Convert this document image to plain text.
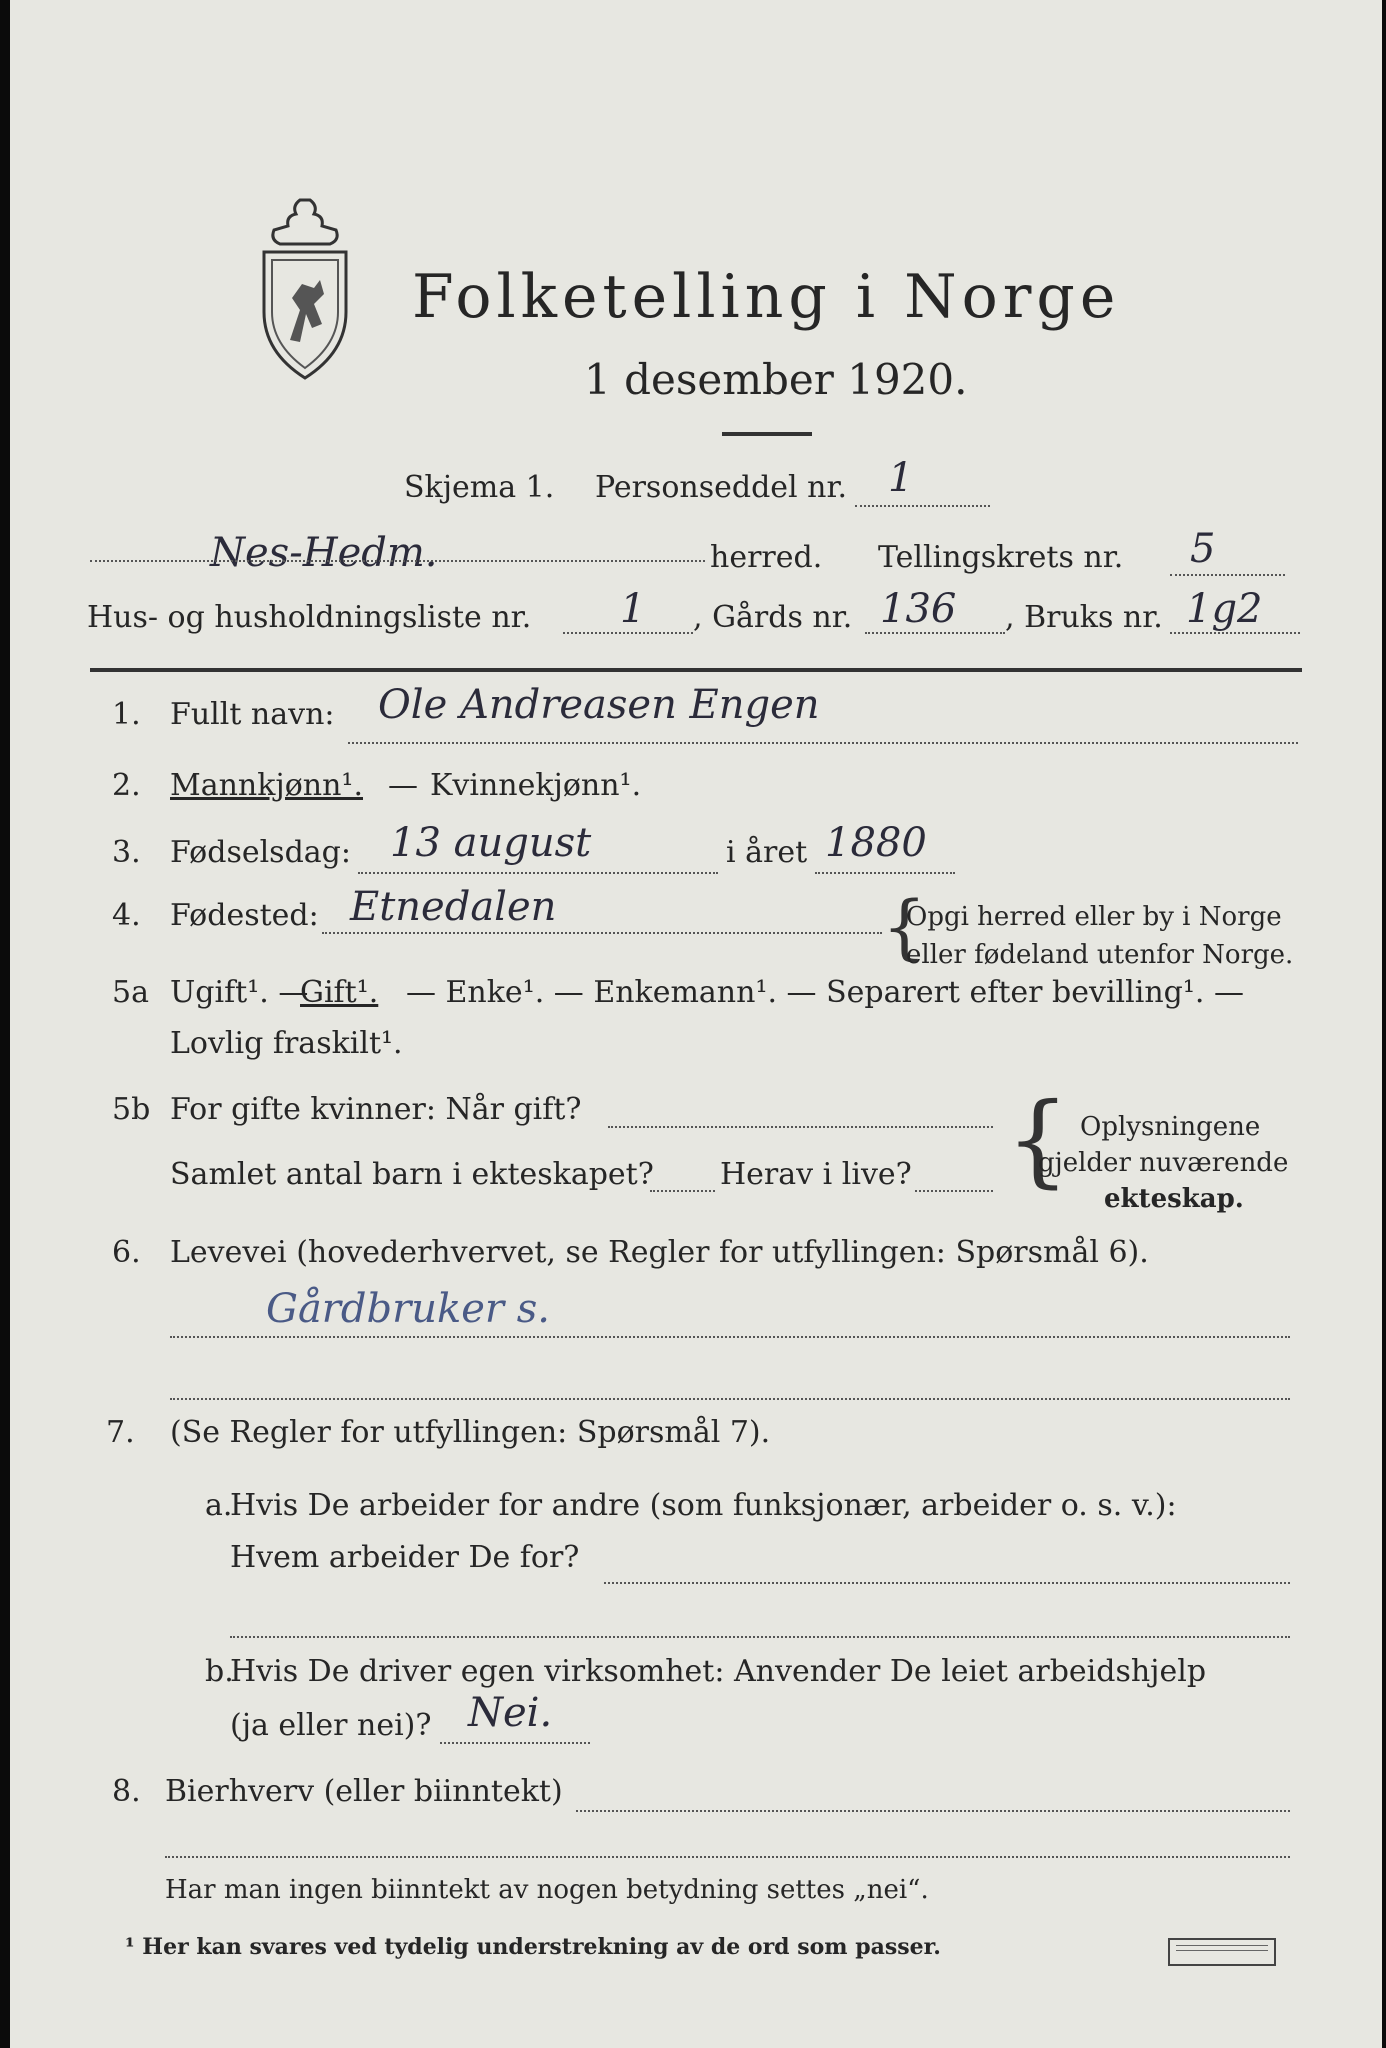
Folketelling i Norge
1 desember 1920.
Skjema 1. Personseddel nr. 1
Nes-Hedm.	herred. Tellingskrets nr. 5
Hus- og husholdningsliste nr. 1 , Gårds nr. 136 , Bruks nr. 1g2
1. Fullt navn: Ole Andreasen Engen
2. Mannkjønn¹. — Kvinnekjønn¹.
3. Fødselsdag: 13 august	i året 1880
4. Fødested: Etnedalen	{
Opgi herred eller by i Norge
eller fødeland utenfor Norge.
5a Ugift¹. —
Gift¹. — Enke¹. — Enkemann¹. — Separert efter bevilling¹. —
Lovlig fraskilt¹.
5b For gifte kvinner: Når gift?
Samlet antal barn i ekteskapet? Herav i live? { Oplysningene
gjelder nuværende
ekteskap.
6. Levevei (hovederhvervet, se Regler for utfyllingen: Spørsmål 6).
Gårdbruker s.
7. (Se Regler for utfyllingen: Spørsmål 7).
a.
Hvis De arbeider for andre (som funksjonær, arbeider o. s. v.):
Hvem arbeider De for?
b.
Hvis De driver egen virksomhet: Anvender De leiet arbeidshjelp
(ja eller nei)? Nei.
8. Bierhverv (eller biinntekt)
Har man ingen biinntekt av nogen betydning settes „nei“.
¹ Her kan svares ved tydelig understrekning av de ord som passer.
